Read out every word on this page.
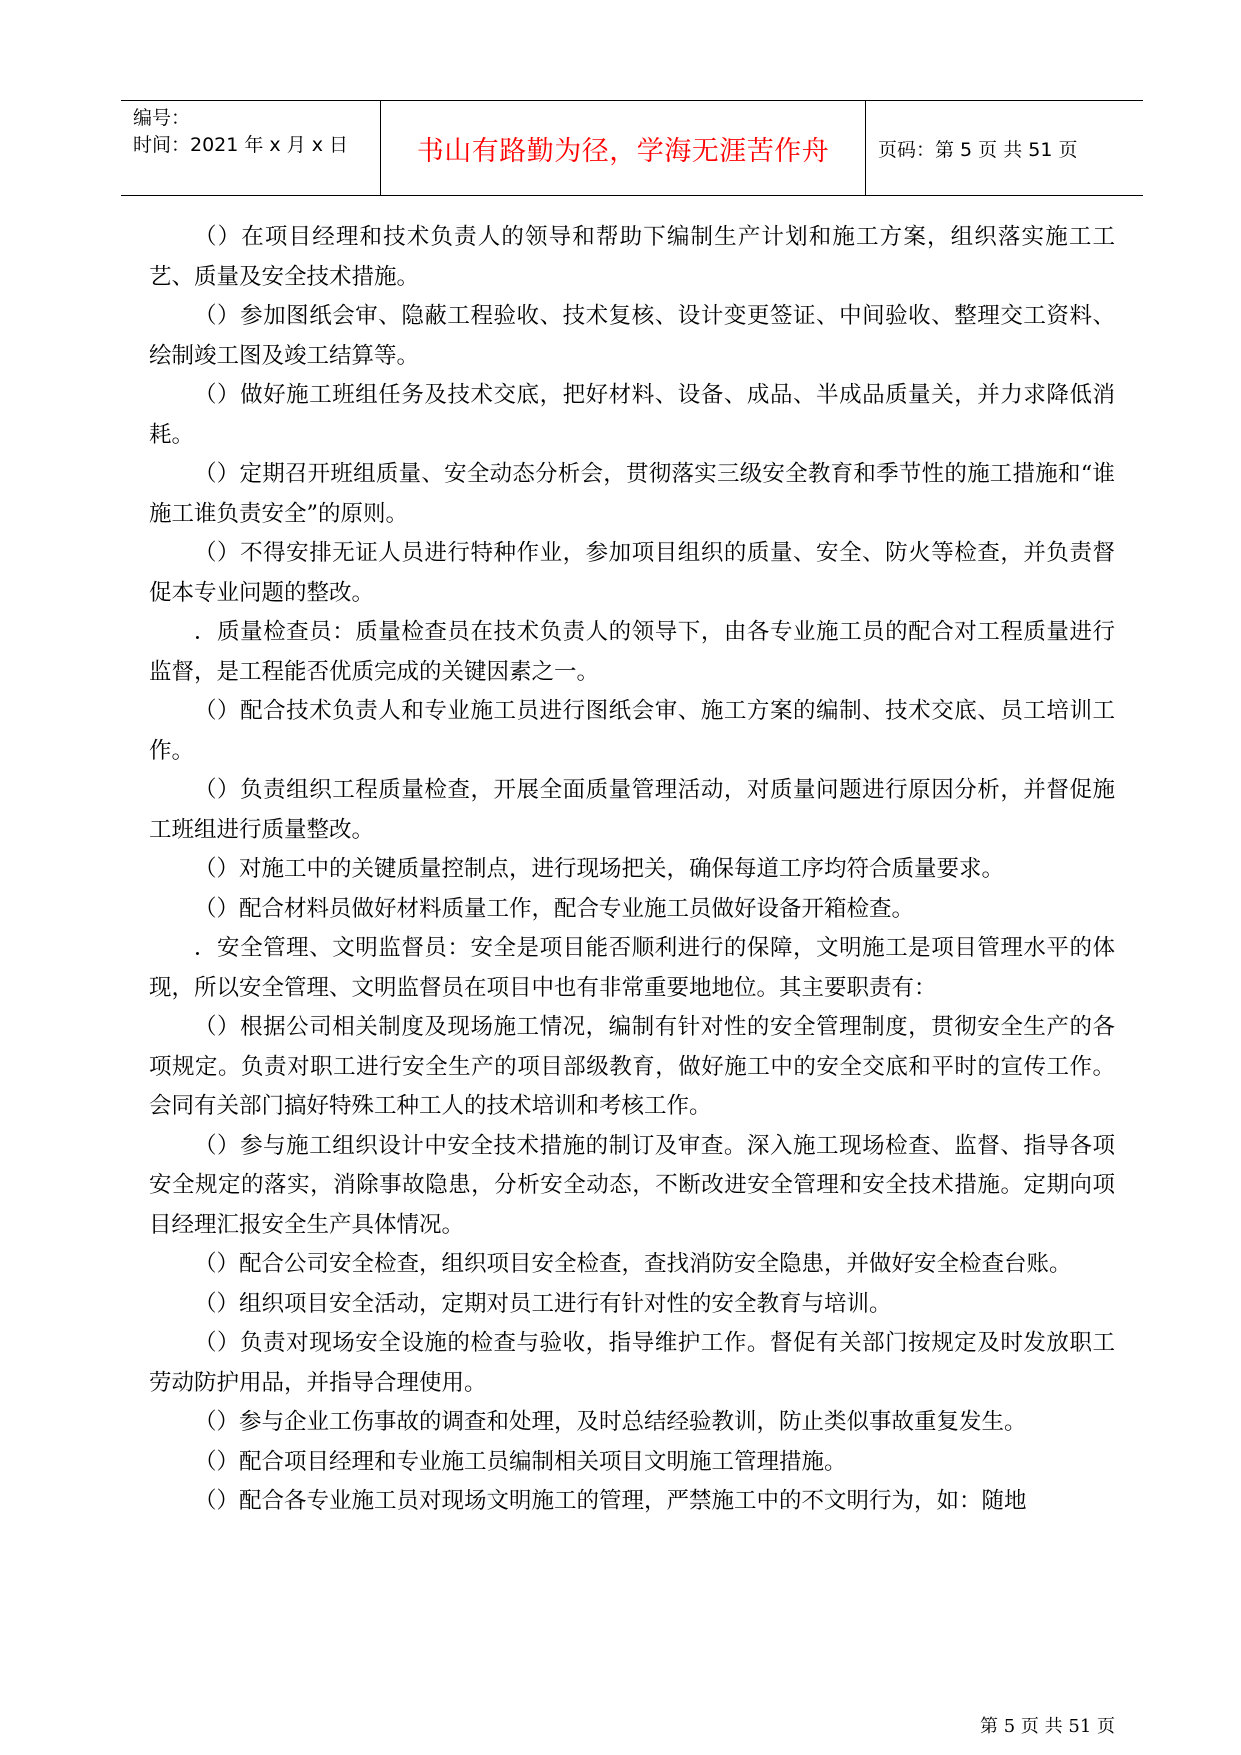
编号：
时间：2021 年 x 月 x 日	书山有路勤为径，学海无涯苦作舟	页码：第 5 页 共 51 页

（）在项目经理和技术负责人的领导和帮助下编制生产计划和施工方案，组织落实施工工艺、质量及安全技术措施。

（）参加图纸会审、隐蔽工程验收、技术复核、设计变更签证、中间验收、整理交工资料、绘制竣工图及竣工结算等。

（）做好施工班组任务及技术交底，把好材料、设备、成品、半成品质量关，并力求降低消耗。

（）定期召开班组质量、安全动态分析会，贯彻落实三级安全教育和季节性的施工措施和“谁施工谁负责安全”的原则。

（）不得安排无证人员进行特种作业，参加项目组织的质量、安全、防火等检查，并负责督促本专业问题的整改。

．质量检查员：质量检查员在技术负责人的领导下，由各专业施工员的配合对工程质量进行监督，是工程能否优质完成的关键因素之一。

（）配合技术负责人和专业施工员进行图纸会审、施工方案的编制、技术交底、员工培训工作。

（）负责组织工程质量检查，开展全面质量管理活动，对质量问题进行原因分析，并督促施工班组进行质量整改。

（）对施工中的关键质量控制点，进行现场把关，确保每道工序均符合质量要求。

（）配合材料员做好材料质量工作，配合专业施工员做好设备开箱检查。

．安全管理、文明监督员：安全是项目能否顺利进行的保障，文明施工是项目管理水平的体现，所以安全管理、文明监督员在项目中也有非常重要地地位。其主要职责有：

（）根据公司相关制度及现场施工情况，编制有针对性的安全管理制度，贯彻安全生产的各项规定。负责对职工进行安全生产的项目部级教育，做好施工中的安全交底和平时的宣传工作。会同有关部门搞好特殊工种工人的技术培训和考核工作。

（）参与施工组织设计中安全技术措施的制订及审查。深入施工现场检查、监督、指导各项安全规定的落实，消除事故隐患，分析安全动态，不断改进安全管理和安全技术措施。定期向项目经理汇报安全生产具体情况。

（）配合公司安全检查，组织项目安全检查，查找消防安全隐患，并做好安全检查台账。

（）组织项目安全活动，定期对员工进行有针对性的安全教育与培训。

（）负责对现场安全设施的检查与验收，指导维护工作。督促有关部门按规定及时发放职工劳动防护用品，并指导合理使用。

（）参与企业工伤事故的调查和处理，及时总结经验教训，防止类似事故重复发生。

（）配合项目经理和专业施工员编制相关项目文明施工管理措施。

（）配合各专业施工员对现场文明施工的管理，严禁施工中的不文明行为，如：随地

第 5 页 共 51 页
